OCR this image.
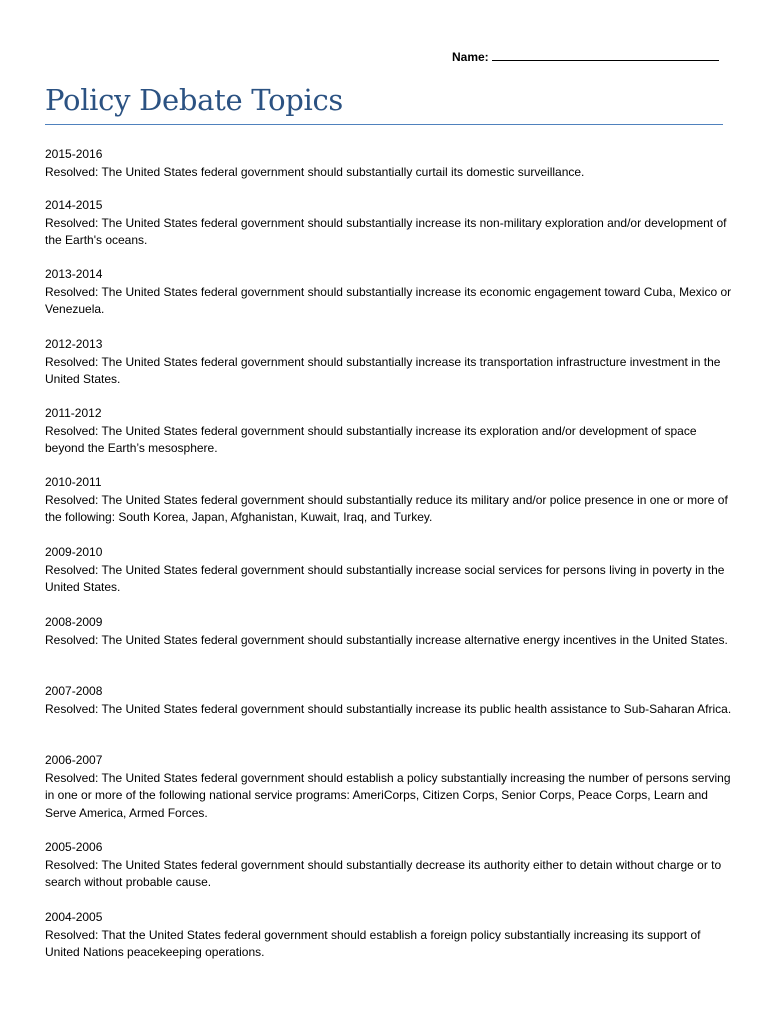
Name:
Policy Debate Topics
2015-2016
Resolved: The United States federal government should substantially curtail its domestic surveillance.
2014-2015
Resolved: The United States federal government should substantially increase its non-military exploration and/or development of the Earth's oceans.
2013-2014
Resolved: The United States federal government should substantially increase its economic engagement toward Cuba, Mexico or Venezuela.
2012-2013
Resolved: The United States federal government should substantially increase its transportation infrastructure investment in the United States.
2011-2012
Resolved: The United States federal government should substantially increase its exploration and/or development of space beyond the Earth’s mesosphere.
2010-2011
Resolved: The United States federal government should substantially reduce its military and/or police presence in one or more of the following: South Korea, Japan, Afghanistan, Kuwait, Iraq, and Turkey.
2009-2010
Resolved: The United States federal government should substantially increase social services for persons living in poverty in the United States.
2008-2009
Resolved: The United States federal government should substantially increase alternative energy incentives in the United States.
2007-2008
Resolved: The United States federal government should substantially increase its public health assistance to Sub-Saharan Africa.
2006-2007
Resolved: The United States federal government should establish a policy substantially increasing the number of persons serving in one or more of the following national service programs: AmeriCorps, Citizen Corps, Senior Corps, Peace Corps, Learn and Serve America, Armed Forces.
2005-2006
Resolved: The United States federal government should substantially decrease its authority either to detain without charge or to search without probable cause.
2004-2005
Resolved: That the United States federal government should establish a foreign policy substantially increasing its support of United Nations peacekeeping operations.
